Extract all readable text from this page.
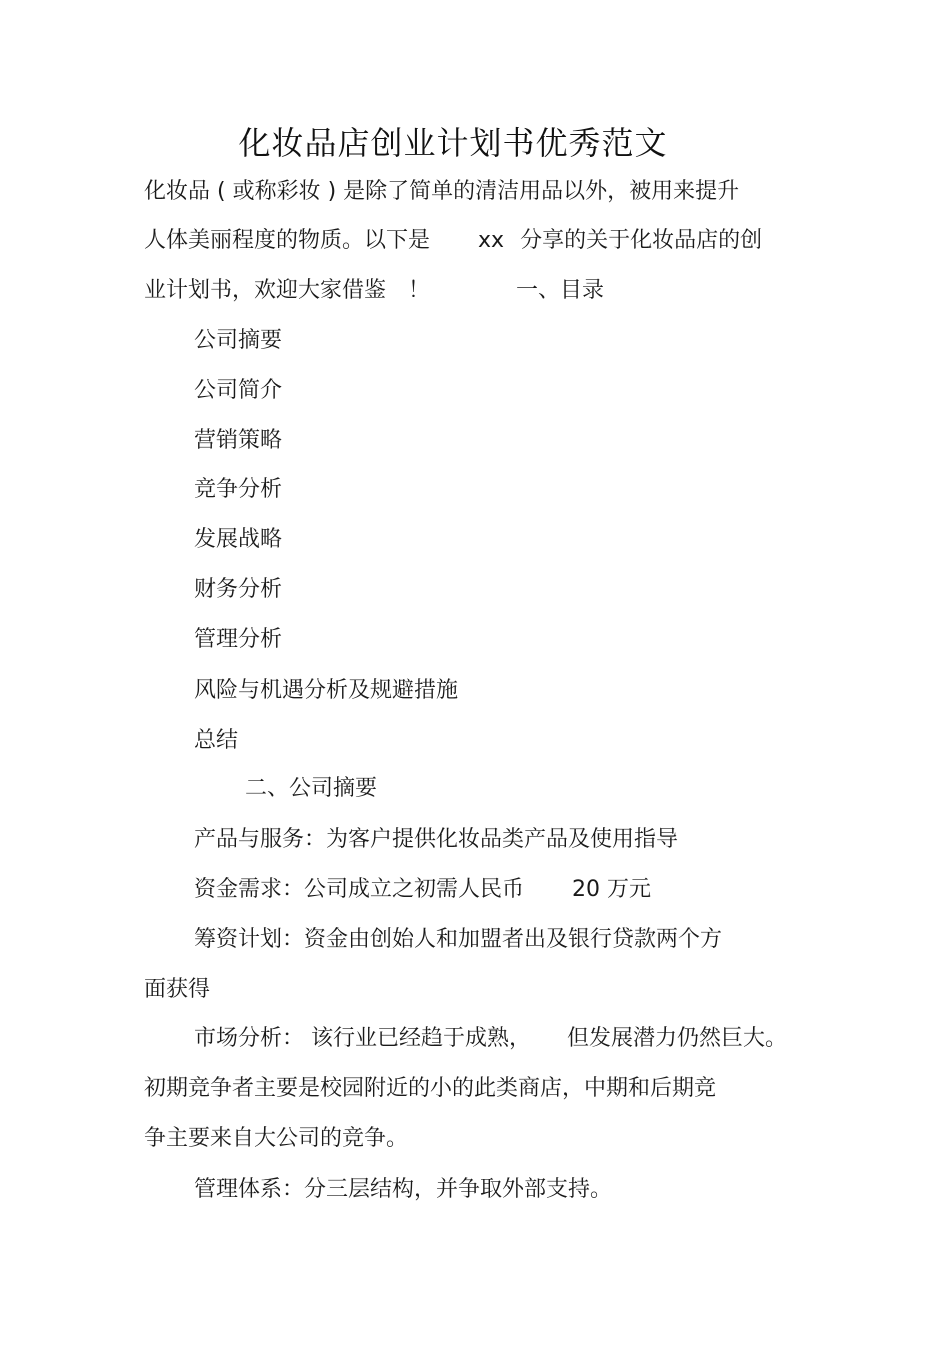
化妆品店创业计划书优秀范文
化妆品 ( 或称彩妆 ) 是除了简单的清洁用品以外，被用来提升
人体美丽程度的物质。以下是 xx 分享的关于化妆品店的创
业计划书，欢迎大家借鉴 ！	一、目录
公司摘要
公司简介
营销策略
竞争分析
发展战略
财务分析
管理分析
风险与机遇分析及规避措施
总结
二、公司摘要
产品与服务：为客户提供化妆品类产品及使用指导
资金需求：公司成立之初需人民币 20 万元
筹资计划：资金由创始人和加盟者出及银行贷款两个方
面获得
市场分析： 该行业已经趋于成熟， 但发展潜力仍然巨大。
初期竞争者主要是校园附近的小的此类商店，中期和后期竞
争主要来自大公司的竞争。
管理体系：分三层结构，并争取外部支持。
